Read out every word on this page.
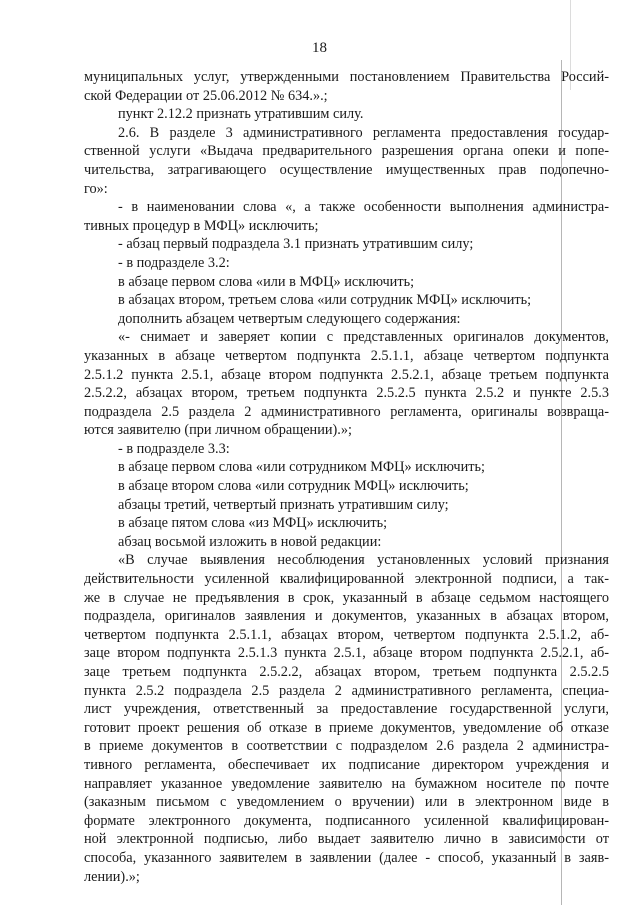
18
муниципальных услуг, утвержденными постановлением Правительства Россий-
ской Федерации от 25.06.2012 № 634.».;
пункт 2.12.2 признать утратившим силу.
2.6. В разделе 3 административного регламента предоставления государ-
ственной услуги «Выдача предварительного разрешения органа опеки и попе-
чительства, затрагивающего осуществление имущественных прав подопечно-
го»:
- в наименовании слова «, а также особенности выполнения администра-
тивных процедур в МФЦ» исключить;
- абзац первый подраздела 3.1 признать утратившим силу;
- в подразделе 3.2:
в абзаце первом слова «или в МФЦ» исключить;
в абзацах втором, третьем слова «или сотрудник МФЦ» исключить;
дополнить абзацем четвертым следующего содержания:
«- снимает и заверяет копии с представленных оригиналов документов,
указанных в абзаце четвертом подпункта 2.5.1.1, абзаце четвертом подпункта
2.5.1.2 пункта 2.5.1, абзаце втором подпункта 2.5.2.1, абзаце третьем подпункта
2.5.2.2, абзацах втором, третьем подпункта 2.5.2.5 пункта 2.5.2 и пункте 2.5.3
подраздела 2.5 раздела 2 административного регламента, оригиналы возвраща-
ются заявителю (при личном обращении).»;
- в подразделе 3.3:
в абзаце первом слова «или сотрудником МФЦ» исключить;
в абзаце втором слова «или сотрудник МФЦ» исключить;
абзацы третий, четвертый признать утратившим силу;
в абзаце пятом слова «из МФЦ» исключить;
абзац восьмой изложить в новой редакции:
«В случае выявления несоблюдения установленных условий признания
действительности усиленной квалифицированной электронной подписи, а так-
же в случае не предъявления в срок, указанный в абзаце седьмом настоящего
подраздела, оригиналов заявления и документов, указанных в абзацах втором,
четвертом подпункта 2.5.1.1, абзацах втором, четвертом подпункта 2.5.1.2, аб-
заце втором подпункта 2.5.1.3 пункта 2.5.1, абзаце втором подпункта 2.5.2.1, аб-
заце третьем подпункта 2.5.2.2, абзацах втором, третьем подпункта 2.5.2.5
пункта 2.5.2 подраздела 2.5 раздела 2 административного регламента, специа-
лист учреждения, ответственный за предоставление государственной услуги,
готовит проект решения об отказе в приеме документов, уведомление об отказе
в приеме документов в соответствии с подразделом 2.6 раздела 2 администра-
тивного регламента, обеспечивает их подписание директором учреждения и
направляет указанное уведомление заявителю на бумажном носителе по почте
(заказным письмом с уведомлением о вручении) или в электронном виде в
формате электронного документа, подписанного усиленной квалифицирован-
ной электронной подписью, либо выдает заявителю лично в зависимости от
способа, указанного заявителем в заявлении (далее - способ, указанный в заяв-
лении).»;
